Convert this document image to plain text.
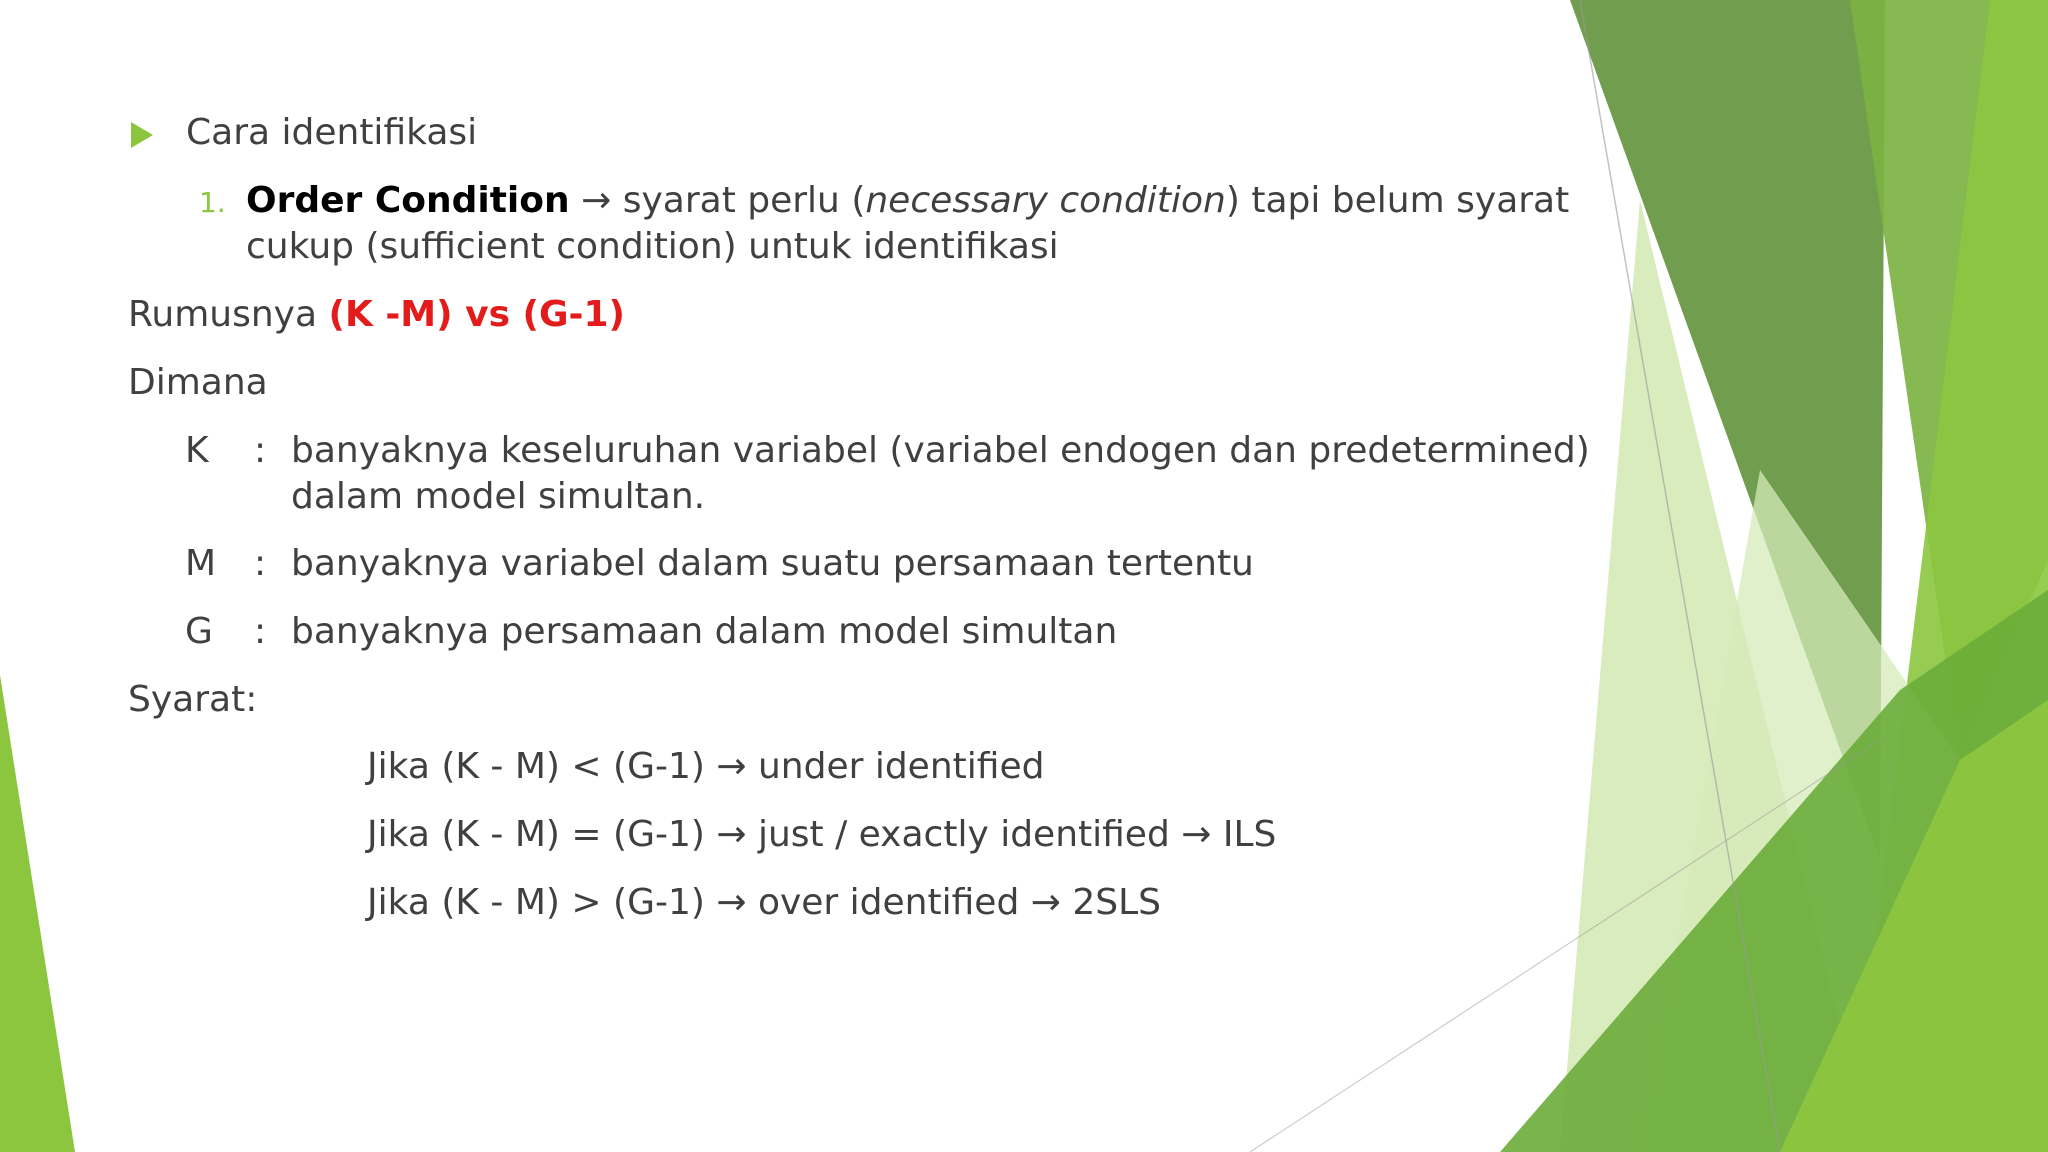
Cara identifikasi
1. Order Condition → syarat perlu (necessary condition) tapi belum syarat
cukup (sufficient condition) untuk identifikasi
Rumusnya (K -M) vs (G-1)
Dimana
K : banyaknya keseluruhan variabel (variabel endogen dan predetermined)
dalam model simultan.
M : banyaknya variabel dalam suatu persamaan tertentu
G : banyaknya persamaan dalam model simultan
Syarat:
Jika (K - M) < (G-1) → under identified
Jika (K - M) = (G-1) → just / exactly identified → ILS
Jika (K - M) > (G-1) → over identified → 2SLS
